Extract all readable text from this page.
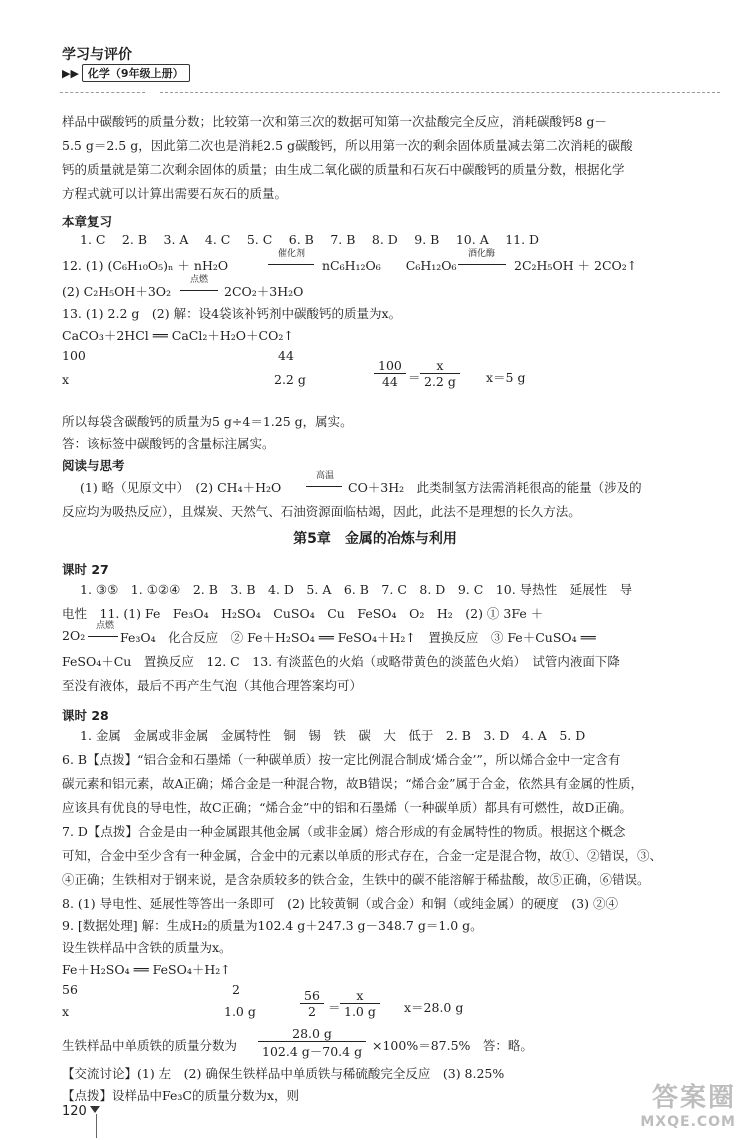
学习与评价
▶▶ 化学（9年级上册）
样品中碳酸钙的质量分数；比较第一次和第三次的数据可知第一次盐酸完全反应，消耗碳酸钙8 g－
5.5 g＝2.5 g，因此第二次也是消耗2.5 g碳酸钙，所以用第一次的剩余固体质量减去第二次消耗的碳酸
钙的质量就是第二次剩余固体的质量；由生成二氧化碳的质量和石灰石中碳酸钙的质量分数，根据化学
方程式就可以计算出需要石灰石的质量。
本章复习
1. C　 2. B　 3. A　 4. C　 5. C　 6. B　 7. B　 8. D　 9. B　 10. A　 11. D
12. (1) (C₆H₁₀O₅)ₙ ＋ nH₂O
催化剂
nC₆H₁₂O₆　　C₆H₁₂O₆
酒化酶
2C₂H₅OH ＋ 2CO₂↑
(2) C₂H₅OH＋3O₂
点燃
2CO₂＋3H₂O
13. (1) 2.2 g　(2) 解：设4袋该补钙剂中碳酸钙的质量为x。
CaCO₃＋2HCl ══ CaCl₂＋H₂O＋CO₂↑
100	44
x	2.2 g	$\frac{100}{44} = \frac{x}{2.2 g} x=5$ g
所以每袋含碳酸钙的质量为5 g÷4＝1.25 g，属实。
答：该标签中碳酸钙的含量标注属实。
阅读与思考
(1) 略（见原文中）　(2) CH₄＋H₂O
高温
CO＋3H₂　此类制氢方法需消耗很高的能量（涉及的
反应均为吸热反应），且煤炭、天然气、石油资源面临枯竭，因此，此法不是理想的长久方法。
第5章　金属的冶炼与利用
课时 27
1. ③⑤　1. ①②④　2. B　3. B　4. D　5. A　6. B　7. C　8. D　9. C　10. 导热性　延展性　导
电性　11. (1) Fe　Fe₃O₄　H₂SO₄　CuSO₄　Cu　FeSO₄　O₂　H₂　(2) ① 3Fe ＋
2O₂
点燃
Fe₃O₄　化合反应　② Fe＋H₂SO₄ ══ FeSO₄＋H₂↑　置换反应　③ Fe＋CuSO₄ ══
FeSO₄＋Cu　置换反应　12. C　13. 有淡蓝色的火焰（或略带黄色的淡蓝色火焰）　试管内液面下降
至没有液体，最后不再产生气泡（其他合理答案均可）
课时 28
1. 金属　金属或非金属　金属特性　铜　锡　铁　碳　大　低于　2. B　3. D　4. A　5. D
6. B【点拨】“铝合金和石墨烯（一种碳单质）按一定比例混合制成‘烯合金’”，所以烯合金中一定含有
碳元素和铝元素，故A正确；烯合金是一种混合物，故B错误；“烯合金”属于合金，依然具有金属的性质，
应该具有优良的导电性，故C正确；“烯合金”中的铝和石墨烯（一种碳单质）都具有可燃性，故D正确。
7. D【点拨】合金是由一种金属跟其他金属（或非金属）熔合形成的有金属特性的物质。根据这个概念
可知，合金中至少含有一种金属，合金中的元素以单质的形式存在，合金一定是混合物，故①、②错误，③、
④正确；生铁相对于钢来说，是含杂质较多的铁合金，生铁中的碳不能溶解于稀盐酸，故⑤正确，⑥错误。
8. (1) 导电性、延展性等答出一条即可　(2) 比较黄铜（或合金）和铜（或纯金属）的硬度　(3) ②④
9. [数据处理] 解：生成H₂的质量为102.4 g＋247.3 g－348.7 g＝1.0 g。
设生铁样品中含铁的质量为x。
Fe＋H₂SO₄ ══ FeSO₄＋H₂↑
56	2
x	1.0 g	$\frac{56}{2} = \frac{x}{1.0 g} x=28.0$ g
生铁样品中单质铁的质量分数为 $\frac{28.0 g}{102.4 g-70.4 g} \times 100\%=87.5\%$　答：略。
【交流讨论】(1) 左　(2) 确保生铁样品中单质铁与稀硫酸完全反应　(3) 8.25%
【点拨】设样品中Fe₃C的质量分数为x，则
120	答案圈
MXQE.COM
